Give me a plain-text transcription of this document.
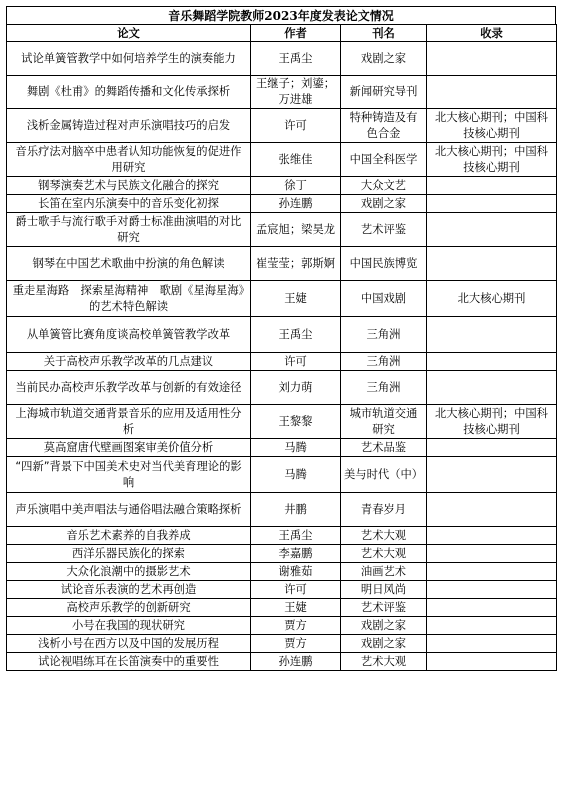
音乐舞蹈学院教师2023年度发表论文情况
论文	作者	刊名	收录
试论单簧管教学中如何培养学生的演奏能力	王禹尘	戏剧之家	
舞剧《杜甫》的舞蹈传播和文化传承探析	王继子；刘鎏；万进雄	新闻研究导刊	
浅析金属铸造过程对声乐演唱技巧的启发	许可	特种铸造及有色合金	北大核心期刊；中国科技核心期刊
音乐疗法对脑卒中患者认知功能恢复的促进作用研究	张维佳	中国全科医学	北大核心期刊；中国科技核心期刊
钢琴演奏艺术与民族文化融合的探究	徐丁	大众文艺	
长笛在室内乐演奏中的音乐变化初探	孙连鹏	戏剧之家	
爵士歌手与流行歌手对爵士标准曲演唱的对比研究	孟宸旭；梁昊龙	艺术评鉴	
钢琴在中国艺术歌曲中扮演的角色解读	崔莹莹；郭斯婀	中国民族博览	
重走星海路　探索星海精神　歌剧《星海星海》的艺术特色解读	王婕	中国戏剧	北大核心期刊
从单簧管比赛角度谈高校单簧管教学改革	王禹尘	三角洲	
关于高校声乐教学改革的几点建议	许可	三角洲	
当前民办高校声乐教学改革与创新的有效途径	刘力萌	三角洲	
上海城市轨道交通背景音乐的应用及适用性分析	王黎黎	城市轨道交通研究	北大核心期刊；中国科技核心期刊
莫高窟唐代壁画图案审美价值分析	马腾	艺术品鉴	
“四新”背景下中国美术史对当代美育理论的影响	马腾	美与时代（中）	
声乐演唱中美声唱法与通俗唱法融合策略探析	井鹏	青春岁月	
音乐艺术素养的自我养成	王禹尘	艺术大观	
西洋乐器民族化的探索	李嘉鹏	艺术大观	
大众化浪潮中的摄影艺术	谢雅茹	油画艺术	
试论音乐表演的艺术再创造	许可	明日风尚	
高校声乐教学的创新研究	王婕	艺术评鉴	
小号在我国的现状研究	贾方	戏剧之家	
浅析小号在西方以及中国的发展历程	贾方	戏剧之家	
试论视唱练耳在长笛演奏中的重要性	孙连鹏	艺术大观	
